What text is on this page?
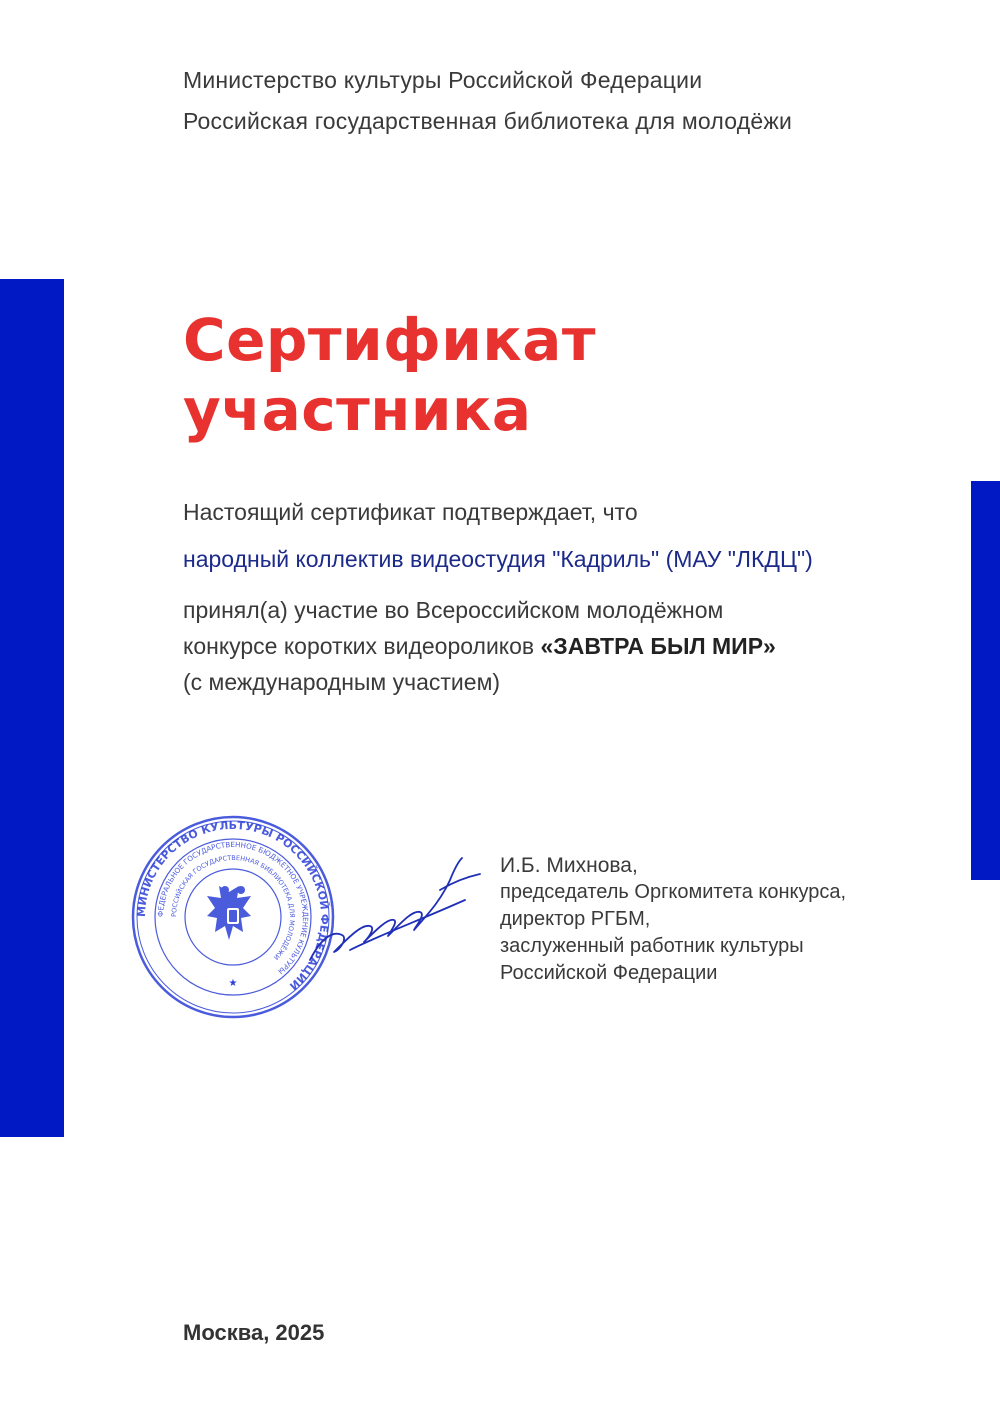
Министерство культуры Российской Федерации
Российская государственная библиотека для молодёжи
Сертификат
участника
Настоящий сертификат подтверждает, что
народный коллектив видеостудия "Кадриль" (МАУ "ЛКДЦ")
принял(а) участие во Всероссийском молодёжном
конкурсе коротких видеороликов «ЗАВТРА БЫЛ МИР»
(с международным участием)
МИНИСТЕРСТВО КУЛЬТУРЫ РОССИЙСКОЙ ФЕДЕРАЦИИ
ФЕДЕРАЛЬНОЕ ГОСУДАРСТВЕННОЕ БЮДЖЕТНОЕ УЧРЕЖДЕНИЕ КУЛЬТУРЫ
РОССИЙСКАЯ ГОСУДАРСТВЕННАЯ БИБЛИОТЕКА ДЛЯ МОЛОДЁЖИ
★
И.Б. Михнова,
председатель Оргкомитета конкурса,
директор РГБМ,
заслуженный работник культуры
Российской Федерации
Москва, 2025
